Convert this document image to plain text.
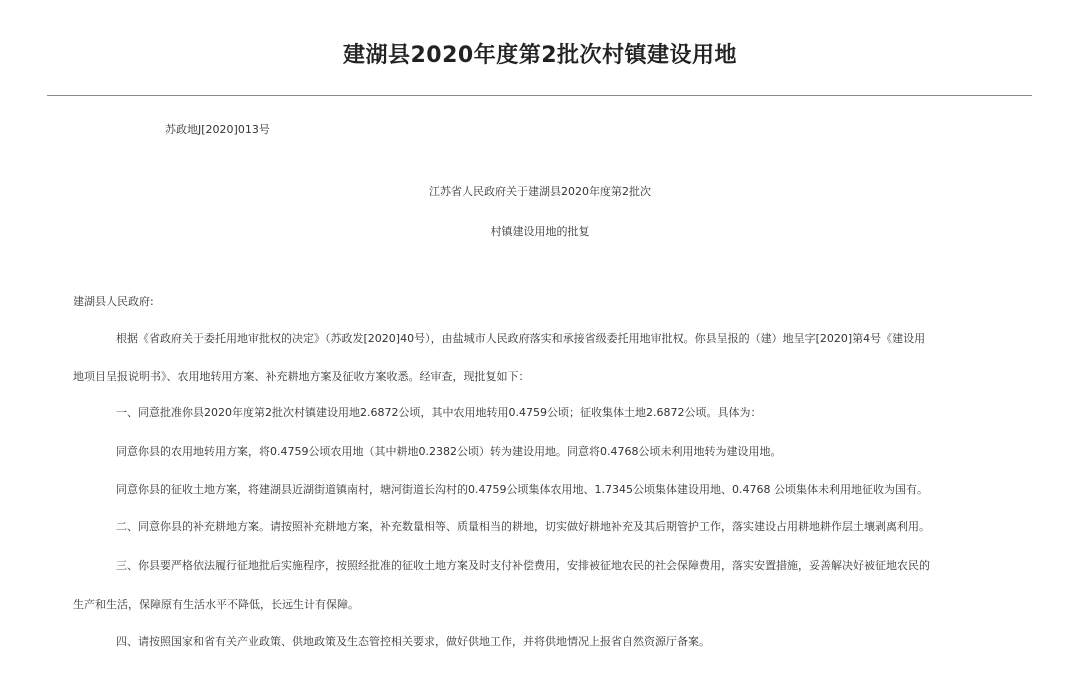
建湖县2020年度第2批次村镇建设用地
苏政地J[2020]013号
江苏省人民政府关于建湖县2020年度第2批次
村镇建设用地的批复
建湖县人民政府:
根据《省政府关于委托用地审批权的决定》（苏政发[2020]40号），由盐城市人民政府落实和承接省级委托用地审批权。你县呈报的（建）地呈字[2020]第4号《建设用
地项目呈报说明书》、农用地转用方案、补充耕地方案及征收方案收悉。经审查，现批复如下：
一、同意批准你县2020年度第2批次村镇建设用地2.6872公顷，其中农用地转用0.4759公顷；征收集体土地2.6872公顷。具体为：
同意你县的农用地转用方案，将0.4759公顷农用地（其中耕地0.2382公顷）转为建设用地。同意将0.4768公顷未利用地转为建设用地。
同意你县的征收土地方案，将建湖县近湖街道镇南村，塘河街道长沟村的0.4759公顷集体农用地、1.7345公顷集体建设用地、0.4768 公顷集体未利用地征收为国有。
二、同意你县的补充耕地方案。请按照补充耕地方案，补充数量相等、质量相当的耕地，切实做好耕地补充及其后期管护工作，落实建设占用耕地耕作层土壤剥离利用。
三、你县要严格依法履行征地批后实施程序，按照经批准的征收土地方案及时支付补偿费用，安排被征地农民的社会保障费用，落实安置措施，妥善解决好被征地农民的
生产和生活，保障原有生活水平不降低，长远生计有保障。
四、请按照国家和省有关产业政策、供地政策及生态管控相关要求，做好供地工作，并将供地情况上报省自然资源厅备案。
